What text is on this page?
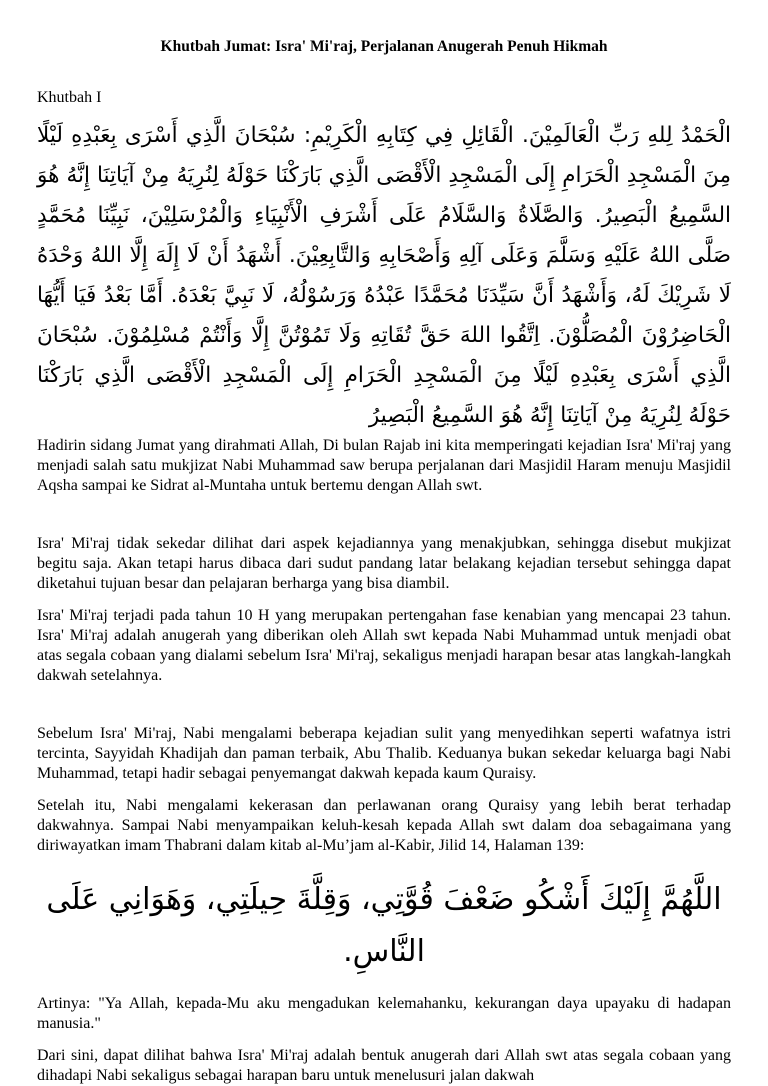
Khutbah Jumat: Isra' Mi'raj, Perjalanan Anugerah Penuh Hikmah

Khutbah I

الْحَمْدُ لِلهِ رَبِّ الْعَالَمِيْنَ. الْقَائِلِ فِي كِتَابِهِ الْكَرِيْمِ: سُبْحَانَ الَّذِي أَسْرَى بِعَبْدِهِ لَيْلًا مِنَ الْمَسْجِدِ الْحَرَامِ إِلَى الْمَسْجِدِ الْأَقْصَى الَّذِي بَارَكْنَا حَوْلَهُ لِنُرِيَهُ مِنْ آيَاتِنَا إِنَّهُ هُوَ السَّمِيعُ الْبَصِيرُ. وَالصَّلَاةُ وَالسَّلَامُ عَلَى أَشْرَفِ الْأَنْبِيَاءِ وَالْمُرْسَلِيْنَ، نَبِيِّنَا مُحَمَّدٍ صَلَّى اللهُ عَلَيْهِ وَسَلَّمَ وَعَلَى آلِهِ وَأَصْحَابِهِ وَالتَّابِعِيْنَ. أَشْهَدُ أَنْ لَا إِلَهَ إِلَّا اللهُ وَحْدَهُ لَا شَرِيْكَ لَهُ، وَأَشْهَدُ أَنَّ سَيِّدَنَا مُحَمَّدًا عَبْدُهُ وَرَسُوْلُهُ، لَا نَبِيَّ بَعْدَهُ. أَمَّا بَعْدُ فَيَا أَيُّهَا الْحَاضِرُوْنَ الْمُصَلُّوْنَ. اِتَّقُوا اللهَ حَقَّ تُقَاتِهِ وَلَا تَمُوْتُنَّ إِلَّا وَأَنْتُمْ مُسْلِمُوْنَ. سُبْحَانَ الَّذِي أَسْرَى بِعَبْدِهِ لَيْلًا مِنَ الْمَسْجِدِ الْحَرَامِ إِلَى الْمَسْجِدِ الْأَقْصَى الَّذِي بَارَكْنَا حَوْلَهُ لِنُرِيَهُ مِنْ آيَاتِنَا إِنَّهُ هُوَ السَّمِيعُ الْبَصِيرُ

Hadirin sidang Jumat yang dirahmati Allah, Di bulan Rajab ini kita memperingati kejadian Isra' Mi'raj yang menjadi salah satu mukjizat Nabi Muhammad saw berupa perjalanan dari Masjidil Haram menuju Masjidil Aqsha sampai ke Sidrat al-Muntaha untuk bertemu dengan Allah swt.

Isra' Mi'raj tidak sekedar dilihat dari aspek kejadiannya yang menakjubkan, sehingga disebut mukjizat begitu saja. Akan tetapi harus dibaca dari sudut pandang latar belakang kejadian tersebut sehingga dapat diketahui tujuan besar dan pelajaran berharga yang bisa diambil.

Isra' Mi'raj terjadi pada tahun 10 H yang merupakan pertengahan fase kenabian yang mencapai 23 tahun. Isra' Mi'raj adalah anugerah yang diberikan oleh Allah swt kepada Nabi Muhammad untuk menjadi obat atas segala cobaan yang dialami sebelum Isra' Mi'raj, sekaligus menjadi harapan besar atas langkah-langkah dakwah setelahnya.

Sebelum Isra' Mi'raj, Nabi mengalami beberapa kejadian sulit yang menyedihkan seperti wafatnya istri tercinta, Sayyidah Khadijah dan paman terbaik, Abu Thalib. Keduanya bukan sekedar keluarga bagi Nabi Muhammad, tetapi hadir sebagai penyemangat dakwah kepada kaum Quraisy.

Setelah itu, Nabi mengalami kekerasan dan perlawanan orang Quraisy yang lebih berat terhadap dakwahnya. Sampai Nabi menyampaikan keluh-kesah kepada Allah swt dalam doa sebagaimana yang diriwayatkan imam Thabrani dalam kitab al-Mu’jam al-Kabir, Jilid 14, Halaman 139:

اللَّهُمَّ إِلَيْكَ أَشْكُو ضَعْفَ قُوَّتِي، وَقِلَّةَ حِيلَتِي، وَهَوَانِي عَلَى النَّاسِ.

Artinya: "Ya Allah, kepada-Mu aku mengadukan kelemahanku, kekurangan daya upayaku di hadapan manusia."

Dari sini, dapat dilihat bahwa Isra' Mi'raj adalah bentuk anugerah dari Allah swt atas segala cobaan yang dihadapi Nabi sekaligus sebagai harapan baru untuk menelusuri jalan dakwah
